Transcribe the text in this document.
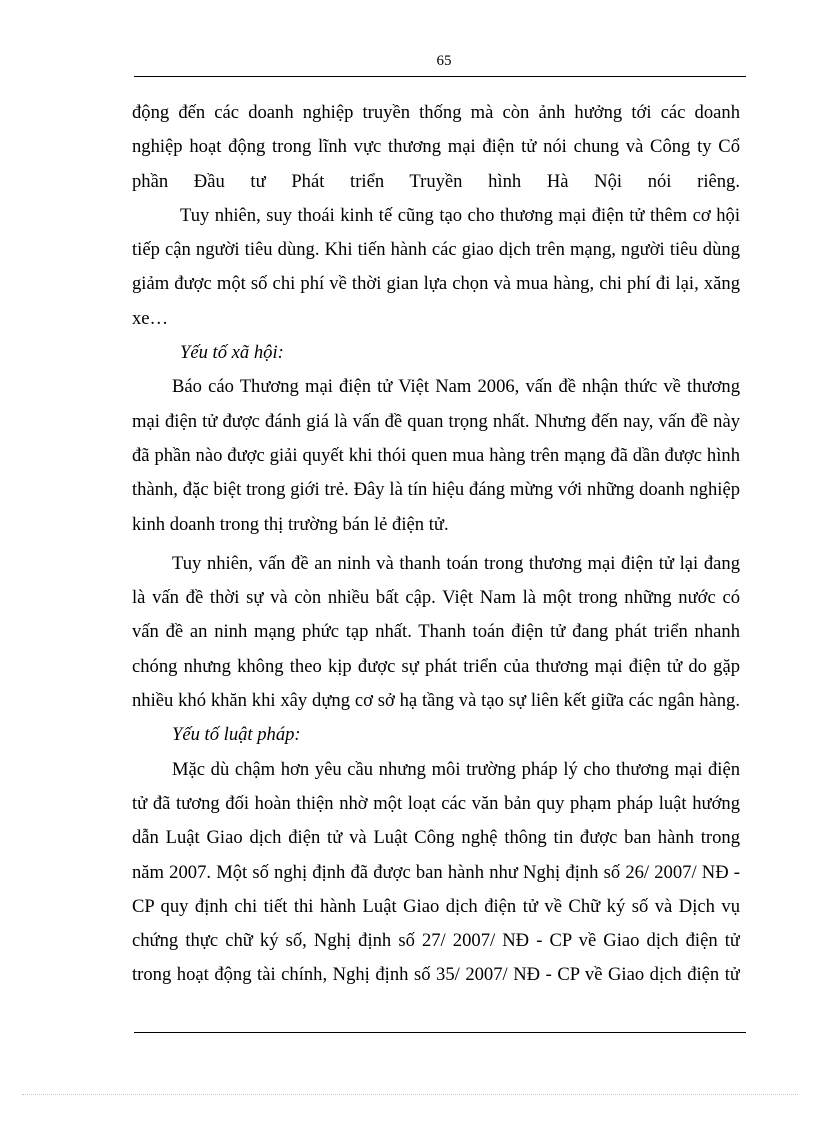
65
động đến các doanh nghiệp truyền thống mà còn ảnh hưởng tới các doanh
nghiệp hoạt động trong lĩnh vực thương mại điện tử nói chung và Công ty Cổ
phần Đầu tư Phát triển Truyền hình Hà Nội nói riêng.
Tuy nhiên, suy thoái kinh tế cũng tạo cho thương mại điện tử thêm cơ hội
tiếp cận người tiêu dùng. Khi tiến hành các giao dịch trên mạng, người tiêu dùng
giảm được một số chi phí về thời gian lựa chọn và mua hàng, chi phí đi lại, xăng
xe…
Yếu tố xã hội:
Báo cáo Thương mại điện tử Việt Nam 2006, vấn đề nhận thức về thương
mại điện tử được đánh giá là vấn đề quan trọng nhất. Nhưng đến nay, vấn đề này
đã phần nào được giải quyết khi thói quen mua hàng trên mạng đã dần được hình
thành, đặc biệt trong giới trẻ. Đây là tín hiệu đáng mừng với những doanh nghiệp
kinh doanh trong thị trường bán lẻ điện tử.
Tuy nhiên, vấn đề an ninh và thanh toán trong thương mại điện tử lại đang
là vấn đề thời sự và còn nhiều bất cập. Việt Nam là một trong những nước có
vấn đề an ninh mạng phức tạp nhất. Thanh toán điện tử đang phát triển nhanh
chóng nhưng không theo kịp được sự phát triển của thương mại điện tử do gặp
nhiều khó khăn khi xây dựng cơ sở hạ tầng và tạo sự liên kết giữa các ngân hàng.
Yếu tố luật pháp:
Mặc dù chậm hơn yêu cầu nhưng môi trường pháp lý cho thương mại điện
tử đã tương đối hoàn thiện nhờ một loạt các văn bản quy phạm pháp luật hướng
dẫn Luật Giao dịch điện tử và Luật Công nghệ thông tin được ban hành trong
năm 2007. Một số nghị định đã được ban hành như Nghị định số 26/ 2007/ NĐ -
CP quy định chi tiết thi hành Luật Giao dịch điện tử về Chữ ký số và Dịch vụ
chứng thực chữ ký số, Nghị định số 27/ 2007/ NĐ - CP về Giao dịch điện tử
trong hoạt động tài chính, Nghị định số 35/ 2007/ NĐ - CP về Giao dịch điện tử
